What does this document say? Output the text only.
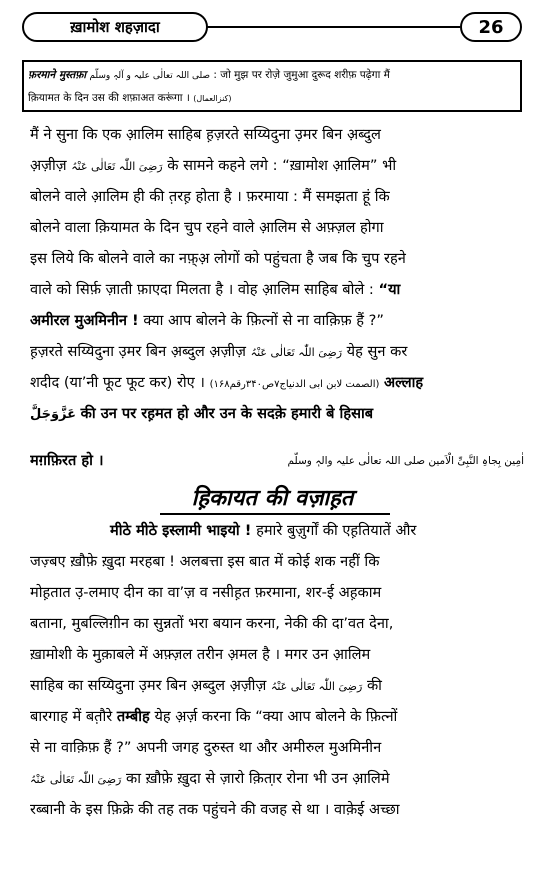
ख़ामोश शहज़ादा	26
फ़रमाने मुस्तफ़ा صلی اللہ تعالٰی علیہ و آلہٖ وسلّم : जो मुझ पर रोज़े जुमुआ दुरूद शरीफ़ पढ़ेगा मैं
क़ियामत के दिन उस की शफ़ाअत करूंगा । (کنزالعمال)
मैं ने सुना कि एक आ़लिम साहिब ह़ज़रते सय्यिदुना उ़मर बिन अ़ब्दुल
अ़ज़ीज़ رَضِیَ اللّٰہ تَعَالٰی عَنْہُ के सामने कहने लगे : “ख़ामोश आ़लिम” भी
बोलने वाले आ़लिम ही की त़रह़ होता है । फ़रमाया : मैं समझता हूं कि
बोलने वाला क़ियामत के दिन चुप रहने वाले आ़लिम से अफ़्ज़ल होगा
इस लिये कि बोलने वाले का नफ़्अ़ लोगों को पहुंचता है जब कि चुप रहने
वाले को सिर्फ़ ज़ाती फ़ाएदा मिलता है । वोह आ़लिम साहिब बोले : “या
अमीरल मुअमिनीन ! क्या आप बोलने के फ़ित्नों से ना वाक़िफ़ हैं ?”
ह़ज़रते सय्यिदुना उ़मर बिन अ़ब्दुल अ़ज़ीज़ رَضِیَ اللّٰہ تَعَالٰی عَنْہُ येह सुन कर
शदीद (या’नी फूट फूट कर) रोए । (الصمت لابن ابی الدنیاج۷ص۳۴۰رقم۱۶۸) अल्लाह
عَزَّوَجَلَّ की उन पर रह़मत हो और उन के सदक़े हमारी बे हिसाब
मग़फ़िरत हो ।	اٰمِین بِجاہِ النَّبِیِّ الْاَمین صلی اللہ تعالٰی علیہ والہٖ وسلّم
ह़िकायत की वज़ाह़त
मीठे मीठे इस्लामी भाइयो ! हमारे बुज़ुर्गों की एह़तियातें और
जज़्बए ख़ौफ़े ख़ुदा मरहबा ! अलबत्ता इस बात में कोई शक नहीं कि
मोह़तात उ़-लमाए दीन का वा’ज़ व नसीह़त फ़रमाना, शर-ई अह़काम
बताना, मुबल्लिग़ीन का सुन्नतों भरा बयान करना, नेकी की दा’वत देना,
ख़ामोशी के मुक़ाबले में अफ़्ज़ल तरीन अ़मल है । मगर उन आ़लिम
साहिब का सय्यिदुना उ़मर बिन अ़ब्दुल अ़ज़ीज़ رَضِیَ اللّٰہ تَعَالٰی عَنْہُ की
बारगाह में बत़ौरे तम्बीह येह अ़र्ज़ करना कि “क्या आप बोलने के फ़ित्नों
से ना वाक़िफ़ हैं ?” अपनी जगह दुरुस्त था और अमीरुल मुअमिनीन
رَضِیَ اللّٰہ تَعَالٰی عَنْہُ का ख़ौफ़े ख़ुदा से ज़ारो क़िता़र रोना भी उन आ़लिमे
रब्बानी के इस फ़िक्रे की तह तक पहुंचने की वजह से था । वाक़ेई अच्छा
